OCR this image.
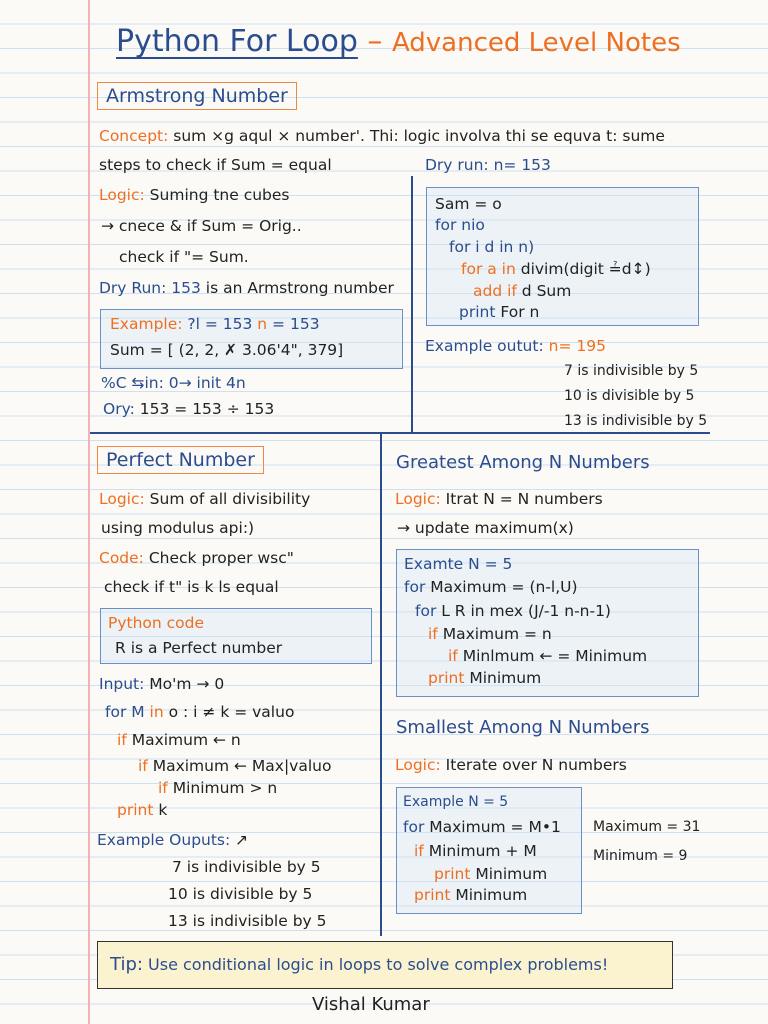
Python For Loop – Advanced Level Notes
Armstrong Number
Concept: sum ×g aqul × number'. Thi: logic involva thi se equva t: sume
steps to check if Sum = equal
Logic: Suming tne cubes
→ cnece & if Sum = Orig..
check if "= Sum.
Dry Run: 153 is an Armstrong number
Example: ?l = 153 n = 153
Sum = [ (2, 2, ✗ 3.06'4", 379]
%C ⇆in: 0→ init 4n
Ory: 153 = 153 ÷ 153
Dry run: n= 153
Sam = o
for nio
for i d in n)
for a in divim(digit ≟d↕)
add if d Sum
print For n
Example outut: n= 195
7 is indivisible by 5
10 is divisible by 5
13 is indivisible by 5
Perfect Number
Logic: Sum of all divisibility
using modulus api:)
Code: Check proper wsc"
check if t" is k ls equal
Python code
R is a Perfect number
Input: Mo'm → 0
for M in o : i ≠ k = valuo
if Maximum ← n
if Maximum ← Max|valuo
if Minimum > n
print k
Example Ouputs: ↗
7 is indivisible by 5
10 is divisible by 5
13 is indivisible by 5
Greatest Among N Numbers
Logic: Itrat N = N numbers
→ update maximum(x)
Examte N = 5
for Maximum = (n-l,U)
for L R in mex (J/-1 n-n-1)
if Maximum = n
if Minlmum ← = Minimum
print Minimum
Smallest Among N Numbers
Logic: Iterate over N numbers
Example N = 5
for Maximum = M•1
if Minimum + M
print Minimum
print Minimum
Maximum = 31
Minimum = 9
Tip: Use conditional logic in loops to solve complex problems!
Vishal Kumar
